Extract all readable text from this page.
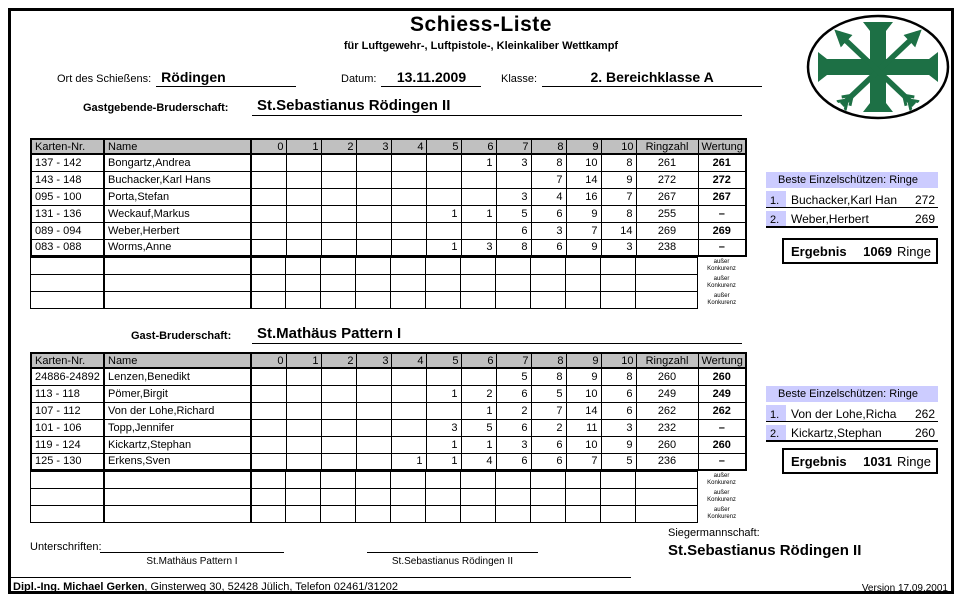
Schiess-Liste
für Luftgewehr-, Luftpistole-, Kleinkaliber Wettkampf
Ort des Schießens: Rödingen	Datum:	13.11.2009	Klasse:	2. Bereichklasse A
Gastgebende-Bruderschaft:	St.Sebastianus Rödingen II
Karten-Nr.	Name	0	1	2	3	4	5	6	7	8	9	10	Ringzahl	Wertung
137 - 142	Bongartz,Andrea							1	3	8	10	8	261	261
143 - 148	Buchacker,Karl Hans									7	14	9	272	272
095 - 100	Porta,Stefan								3	4	16	7	267	267
131 - 136	Weckauf,Markus						1	1	5	6	9	8	255	–
089 - 094	Weber,Herbert								6	3	7	14	269	269
083 - 088	Worms,Anne						1	3	8	6	9	3	238	–
														außer
Konkurenz
														außer
Konkurenz
														außer
Konkurenz
Beste Einzelschützen: Ringe
1. Buchacker,Karl Han	272
2. Weber,Herbert	269
Ergebnis 1069 Ringe
Gast-Bruderschaft:	St.Mathäus Pattern I
Karten-Nr.	Name	0	1	2	3	4	5	6	7	8	9	10	Ringzahl	Wertung
24886-24892	Lenzen,Benedikt								5	8	9	8	260	260
113 - 118	Pömer,Birgit						1	2	6	5	10	6	249	249
107 - 112	Von der Lohe,Richard							1	2	7	14	6	262	262
101 - 106	Topp,Jennifer						3	5	6	2	11	3	232	–
119 - 124	Kickartz,Stephan						1	1	3	6	10	9	260	260
125 - 130	Erkens,Sven					1	1	4	6	6	7	5	236	–
														außer
Konkurenz
														außer
Konkurenz
														außer
Konkurenz
Beste Einzelschützen: Ringe
1. Von der Lohe,Richa	262
2. Kickartz,Stephan	260
Ergebnis 1031 Ringe
Siegermannschaft:
St.Sebastianus Rödingen II
Unterschriften:
St.Mathäus Pattern I	St.Sebastianus Rödingen II
Dipl.-Ing. Michael Gerken, Ginsterweg 30, 52428 Jülich, Telefon 02461/31202	Version 17.09.2001
